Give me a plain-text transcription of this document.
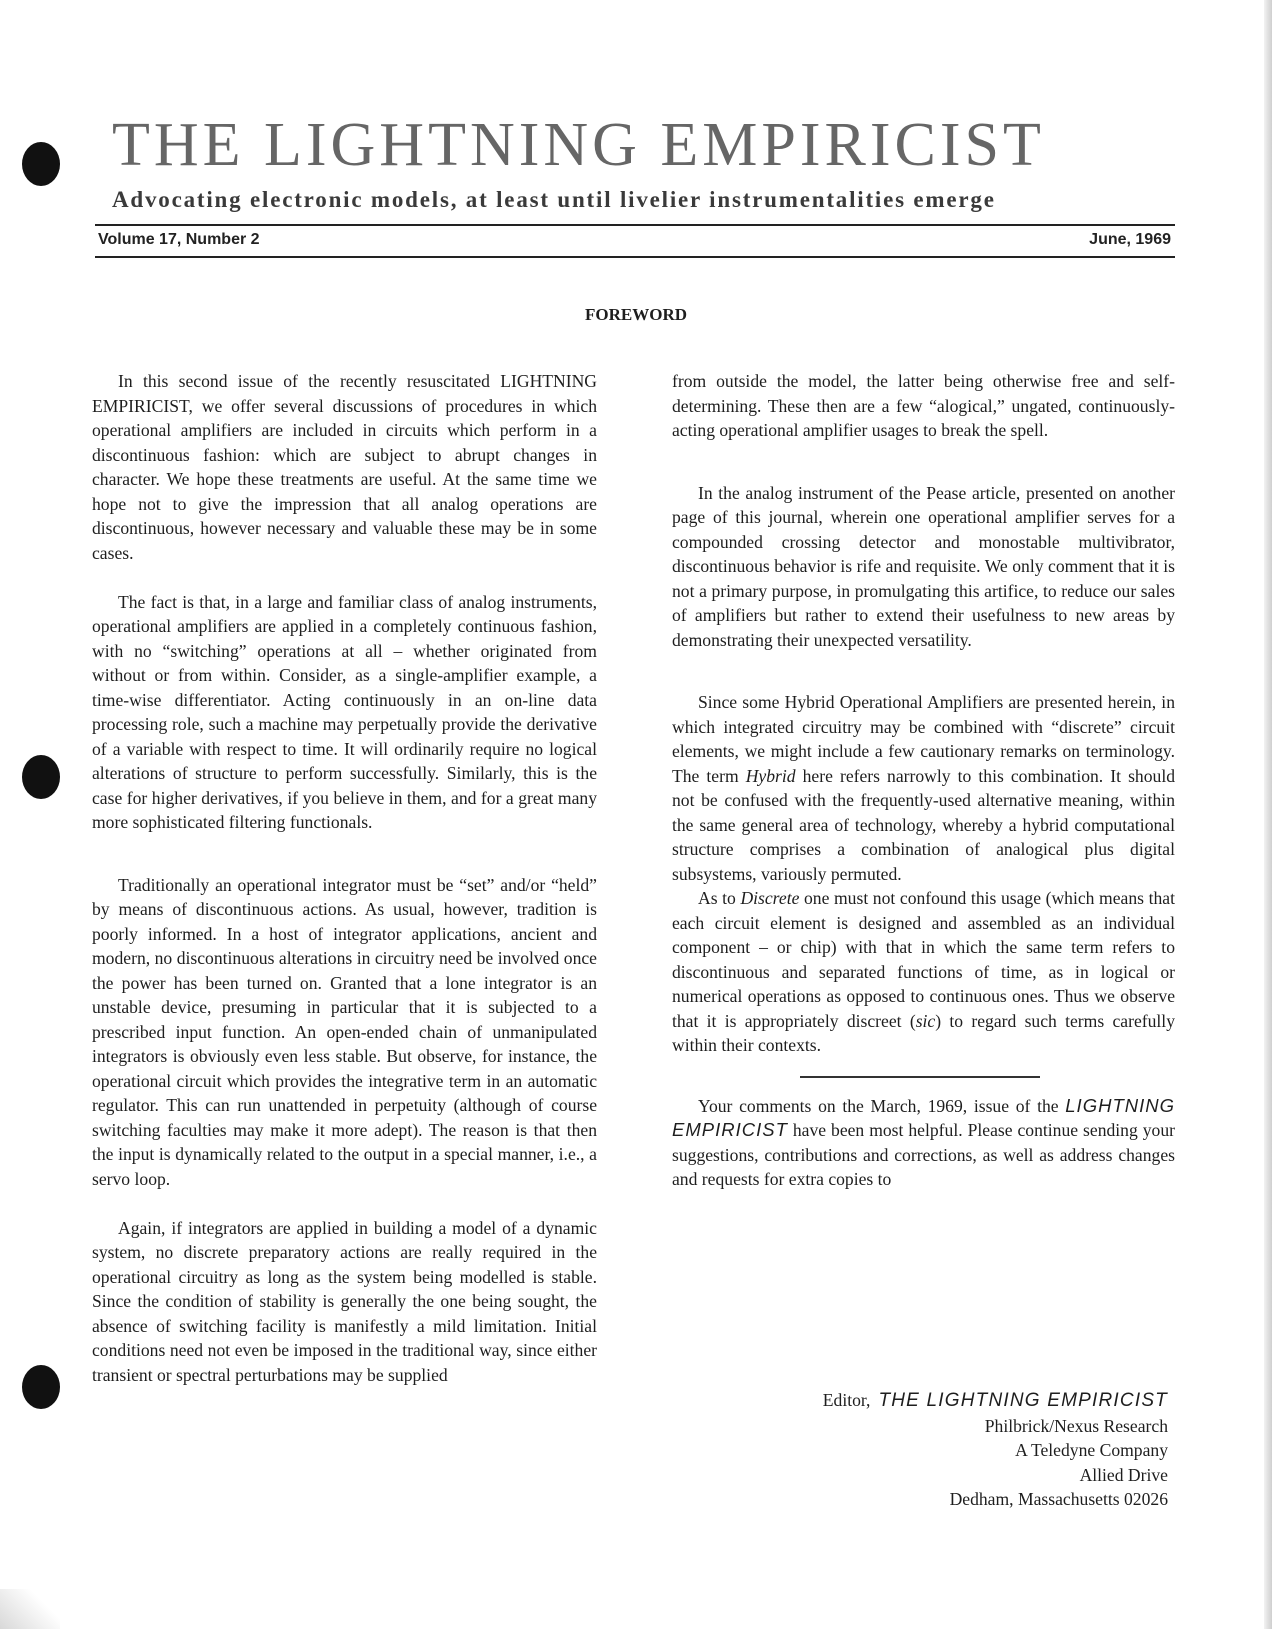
THE LIGHTNING EMPIRICIST
Advocating electronic models, at least until livelier instrumentalities emerge
Volume 17, Number 2	June, 1969
FOREWORD

In this second issue of the recently resuscitated LIGHTNING EMPIRICIST, we offer several discussions of procedures in which operational amplifiers are included in circuits which perform in a discontinuous fashion: which are subject to abrupt changes in character. We hope these treatments are useful. At the same time we hope not to give the impression that all analog operations are discontinuous, however necessary and valuable these may be in some cases.

The fact is that, in a large and familiar class of analog instruments, operational amplifiers are applied in a completely continuous fashion, with no “switching” operations at all – whether originated from without or from within. Consider, as a single-amplifier example, a time-wise differentiator. Acting continuously in an on-line data processing role, such a machine may perpetually provide the derivative of a variable with respect to time. It will ordinarily require no logical alterations of structure to perform successfully. Similarly, this is the case for higher derivatives, if you believe in them, and for a great many more sophisticated filtering functionals.

Traditionally an operational integrator must be “set” and/or “held” by means of discontinuous actions. As usual, however, tradition is poorly informed. In a host of integrator applications, ancient and modern, no discontinuous alterations in circuitry need be involved once the power has been turned on. Granted that a lone integrator is an unstable device, presuming in particular that it is subjected to a prescribed input function. An open-ended chain of unmanipulated integrators is obviously even less stable. But observe, for instance, the operational circuit which provides the integrative term in an automatic regulator. This can run unattended in perpetuity (although of course switching faculties may make it more adept). The reason is that then the input is dynamically related to the output in a special manner, i.e., a servo loop.

Again, if integrators are applied in building a model of a dynamic system, no discrete preparatory actions are really required in the operational circuitry as long as the system being modelled is stable. Since the condition of stability is generally the one being sought, the absence of switching facility is manifestly a mild limitation. Initial conditions need not even be imposed in the traditional way, since either transient or spectral perturbations may be supplied

from outside the model, the latter being otherwise free and self-determining. These then are a few “alogical,” ungated, continuously-acting operational amplifier usages to break the spell.

In the analog instrument of the Pease article, presented on another page of this journal, wherein one operational amplifier serves for a compounded crossing detector and monostable multivibrator, discontinuous behavior is rife and requisite. We only comment that it is not a primary purpose, in promulgating this artifice, to reduce our sales of amplifiers but rather to extend their usefulness to new areas by demonstrating their unexpected versatility.

Since some Hybrid Operational Amplifiers are presented herein, in which integrated circuitry may be combined with “discrete” circuit elements, we might include a few cautionary remarks on terminology. The term Hybrid here refers narrowly to this combination. It should not be confused with the frequently-used alternative meaning, within the same general area of technology, whereby a hybrid computational structure comprises a combination of analogical plus digital subsystems, variously permuted.

As to Discrete one must not confound this usage (which means that each circuit element is designed and assembled as an individual component – or chip) with that in which the same term refers to discontinuous and separated functions of time, as in logical or numerical operations as opposed to continuous ones. Thus we observe that it is appropriately discreet (sic) to regard such terms carefully within their contexts.

Your comments on the March, 1969, issue of the LIGHTNING EMPIRICIST have been most helpful. Please continue sending your suggestions, contributions and corrections, as well as address changes and requests for extra copies to

Editor, THE LIGHTNING EMPIRICIST
Philbrick/Nexus Research
A Teledyne Company
Allied Drive
Dedham, Massachusetts 02026
